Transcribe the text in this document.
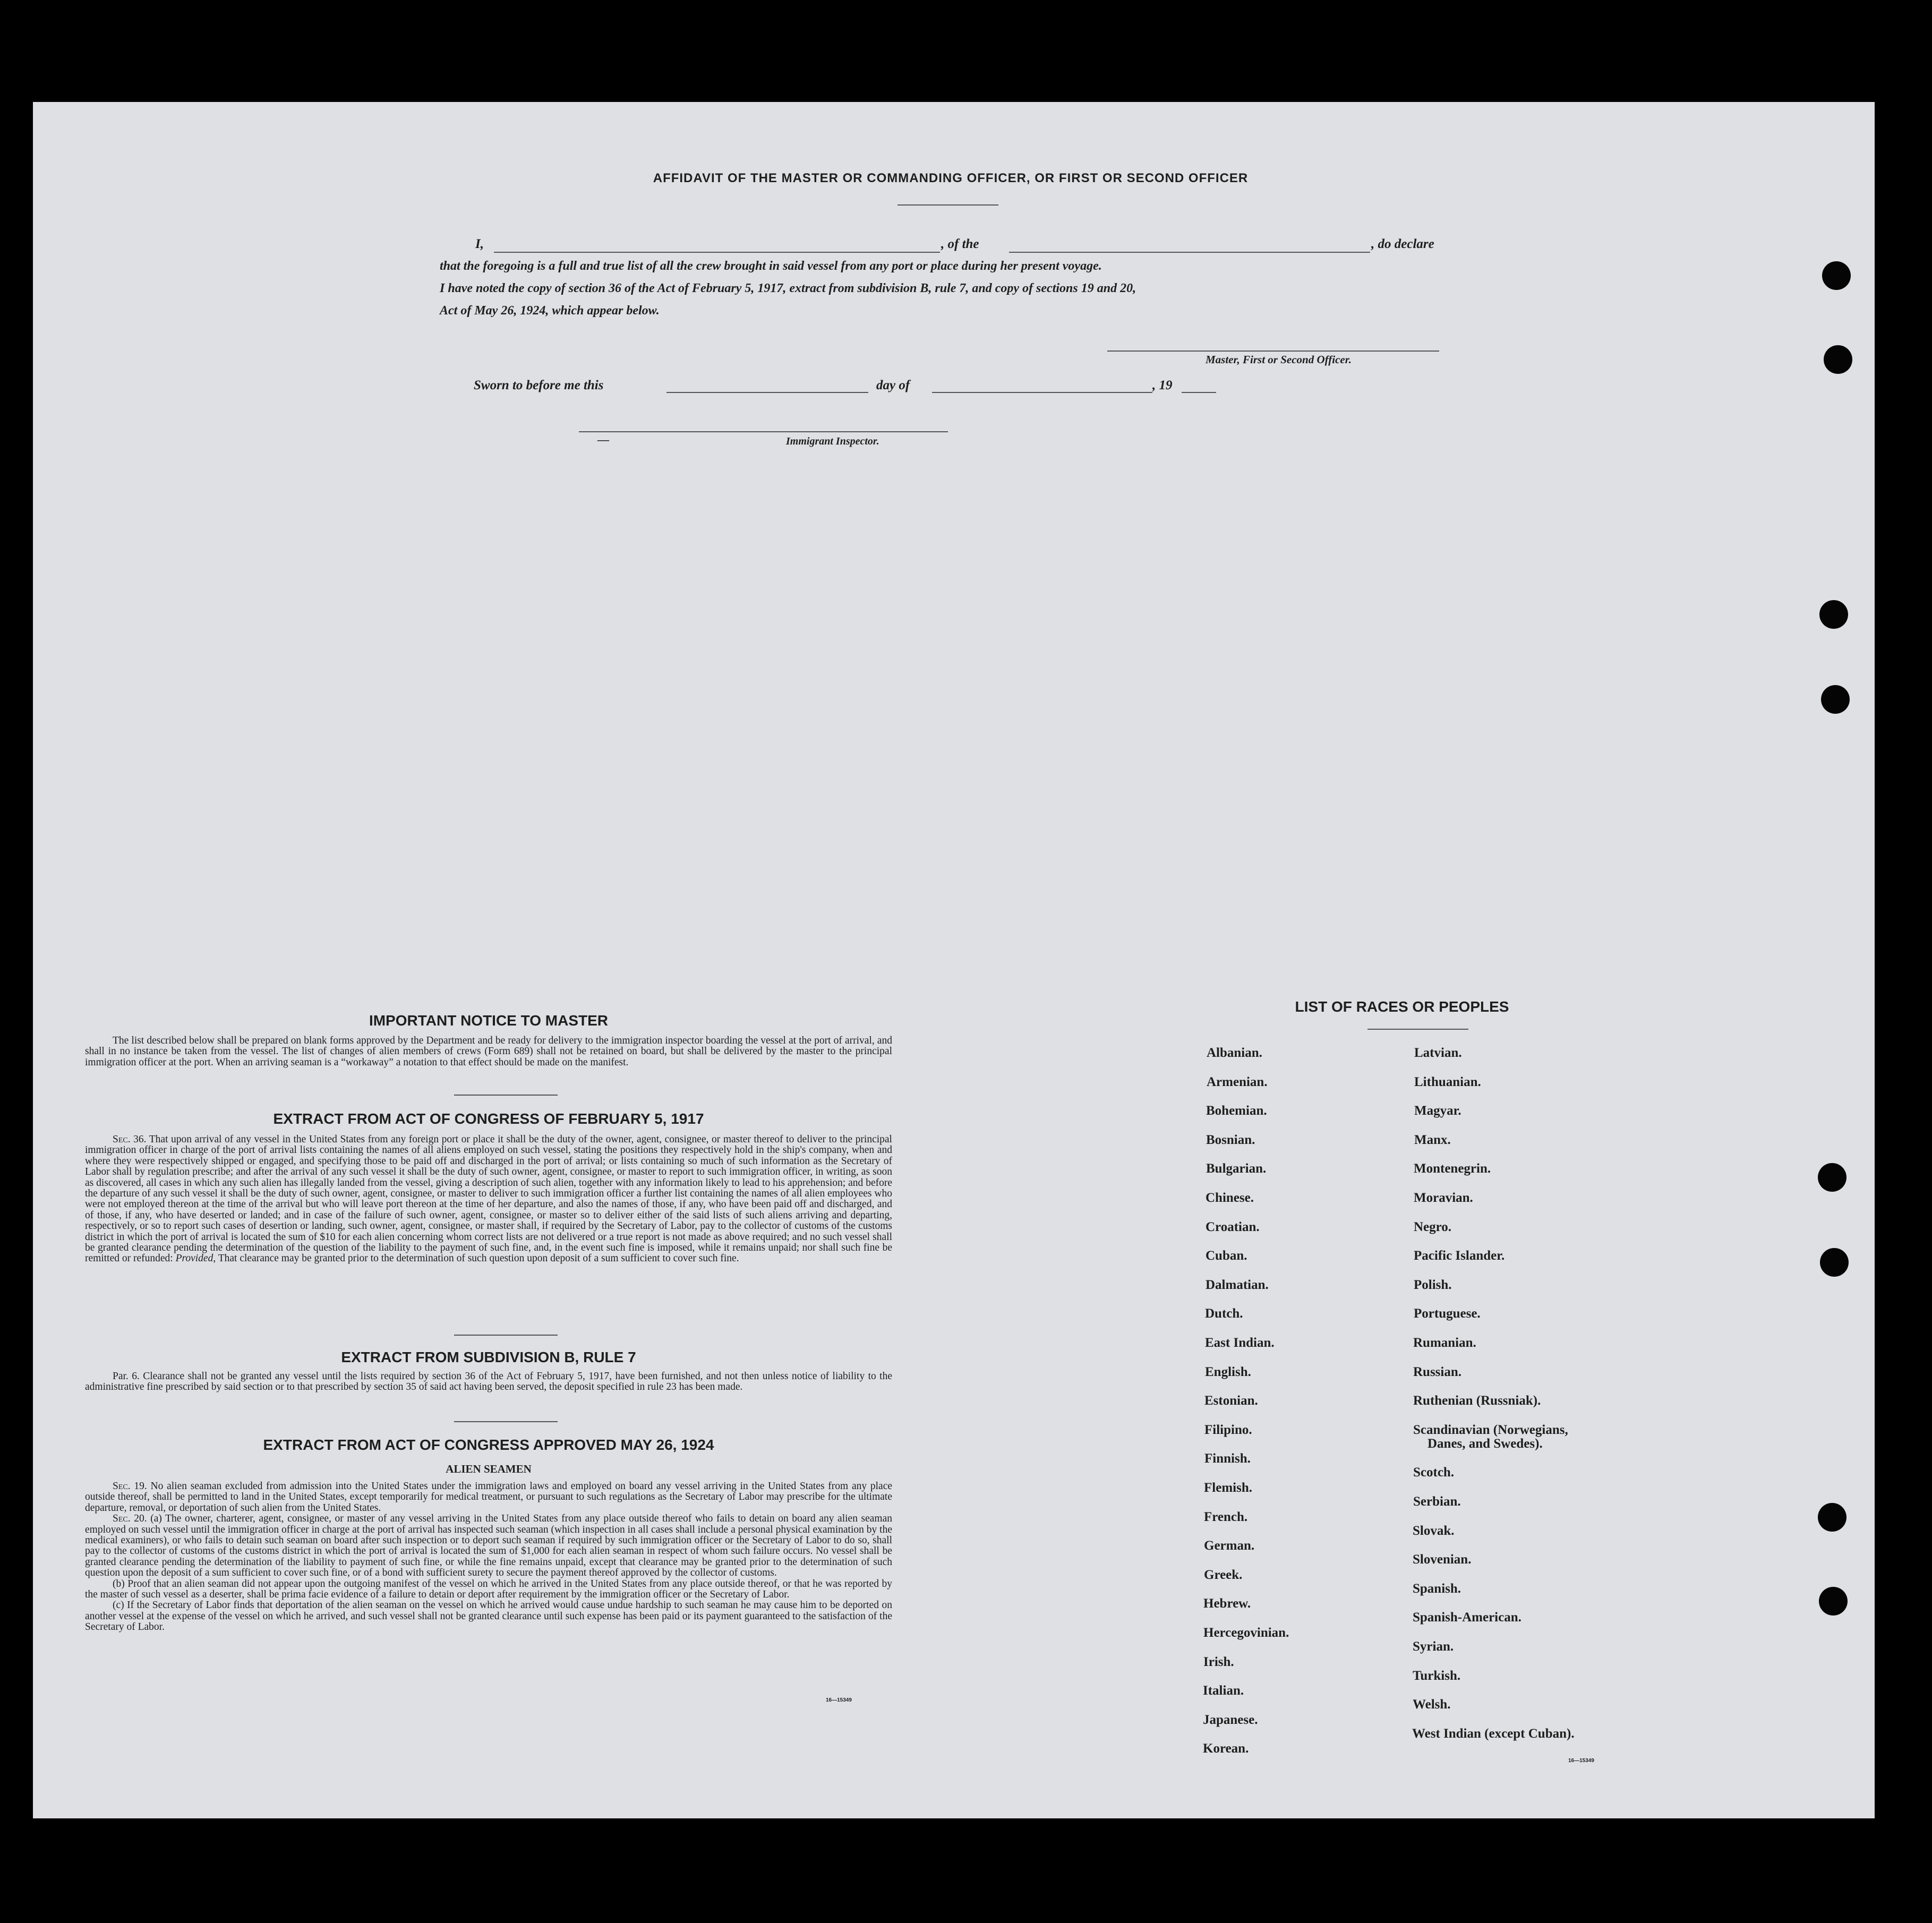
AFFIDAVIT OF THE MASTER OR COMMANDING OFFICER, OR FIRST OR SECOND OFFICER
I,	, of the	, do declare
that the foregoing is a full and true list of all the crew brought in said vessel from any port or place during her present voyage.
I have noted the copy of section 36 of the Act of February 5, 1917, extract from subdivision B, rule 7, and copy of sections 19 and 20,
Act of May 26, 1924, which appear below.
Master, First or Second Officer.
Sworn to before me this	day of	, 19
—	Immigrant Inspector.
IMPORTANT NOTICE TO MASTER
The list described below shall be prepared on blank forms approved by the Department and be ready for delivery to the immigration inspector boarding the vessel at the port of arrival, and shall in no instance be taken from the vessel. The list of changes of alien members of crews (Form 689) shall not be retained on board, but shall be delivered by the master to the principal immigration officer at the port. When an arriving seaman is a “workaway” a notation to that effect should be made on the manifest.
EXTRACT FROM ACT OF CONGRESS OF FEBRUARY 5, 1917
Sec. 36. That upon arrival of any vessel in the United States from any foreign port or place it shall be the duty of the owner, agent, consignee, or master thereof to deliver to the principal immigration officer in charge of the port of arrival lists containing the names of all aliens employed on such vessel, stating the positions they respectively hold in the ship's company, when and where they were respectively shipped or engaged, and specifying those to be paid off and discharged in the port of arrival; or lists containing so much of such information as the Secretary of Labor shall by regulation prescribe; and after the arrival of any such vessel it shall be the duty of such owner, agent, consignee, or master to report to such immigration officer, in writing, as soon as discovered, all cases in which any such alien has illegally landed from the vessel, giving a description of such alien, together with any information likely to lead to his apprehension; and before the departure of any such vessel it shall be the duty of such owner, agent, consignee, or master to deliver to such immigration officer a further list containing the names of all alien employees who were not employed thereon at the time of the arrival but who will leave port thereon at the time of her departure, and also the names of those, if any, who have been paid off and discharged, and of those, if any, who have deserted or landed; and in case of the failure of such owner, agent, consignee, or master so to deliver either of the said lists of such aliens arriving and departing, respectively, or so to report such cases of desertion or landing, such owner, agent, consignee, or master shall, if required by the Secretary of Labor, pay to the collector of customs of the customs district in which the port of arrival is located the sum of $10 for each alien concerning whom correct lists are not delivered or a true report is not made as above required; and no such vessel shall be granted clearance pending the determination of the question of the liability to the payment of such fine, and, in the event such fine is imposed, while it remains unpaid; nor shall such fine be remitted or refunded: Provided, That clearance may be granted prior to the determination of such question upon deposit of a sum sufficient to cover such fine.
EXTRACT FROM SUBDIVISION B, RULE 7
Par. 6. Clearance shall not be granted any vessel until the lists required by section 36 of the Act of February 5, 1917, have been furnished, and not then unless notice of liability to the administrative fine prescribed by said section or to that prescribed by section 35 of said act having been served, the deposit specified in rule 23 has been made.
EXTRACT FROM ACT OF CONGRESS APPROVED MAY 26, 1924
ALIEN SEAMEN
Sec. 19. No alien seaman excluded from admission into the United States under the immigration laws and employed on board any vessel arriving in the United States from any place outside thereof, shall be permitted to land in the United States, except temporarily for medical treatment, or pursuant to such regulations as the Secretary of Labor may prescribe for the ultimate departure, removal, or deportation of such alien from the United States.
Sec. 20. (a) The owner, charterer, agent, consignee, or master of any vessel arriving in the United States from any place outside thereof who fails to detain on board any alien seaman employed on such vessel until the immigration officer in charge at the port of arrival has inspected such seaman (which inspection in all cases shall include a personal physical examination by the medical examiners), or who fails to detain such seaman on board after such inspection or to deport such seaman if required by such immigration officer or the Secretary of Labor to do so, shall pay to the collector of customs of the customs district in which the port of arrival is located the sum of $1,000 for each alien seaman in respect of whom such failure occurs. No vessel shall be granted clearance pending the determination of the liability to payment of such fine, or while the fine remains unpaid, except that clearance may be granted prior to the determination of such question upon the deposit of a sum sufficient to cover such fine, or of a bond with sufficient surety to secure the payment thereof approved by the collector of customs.
(b) Proof that an alien seaman did not appear upon the outgoing manifest of the vessel on which he arrived in the United States from any place outside thereof, or that he was reported by the master of such vessel as a deserter, shall be prima facie evidence of a failure to detain or deport after requirement by the immigration officer or the Secretary of Labor.
(c) If the Secretary of Labor finds that deportation of the alien seaman on the vessel on which he arrived would cause undue hardship to such seaman he may cause him to be deported on another vessel at the expense of the vessel on which he arrived, and such vessel shall not be granted clearance until such expense has been paid or its payment guaranteed to the satisfaction of the Secretary of Labor.
16—15349
LIST OF RACES OR PEOPLES
Albanian.
Armenian.
Bohemian.
Bosnian.
Bulgarian.
Chinese.
Croatian.
Cuban.
Dalmatian.
Dutch.
East Indian.
English.
Estonian.
Filipino.
Finnish.
Flemish.
French.
German.
Greek.
Hebrew.
Hercegovinian.
Irish.
Italian.
Japanese.
Korean.
Latvian.
Lithuanian.
Magyar.
Manx.
Montenegrin.
Moravian.
Negro.
Pacific Islander.
Polish.
Portuguese.
Rumanian.
Russian.
Ruthenian (Russniak).
Scandinavian (Norwegians,
Danes, and Swedes).
Scotch.
Serbian.
Slovak.
Slovenian.
Spanish.
Spanish-American.
Syrian.
Turkish.
Welsh.
West Indian (except Cuban).
16—15349
